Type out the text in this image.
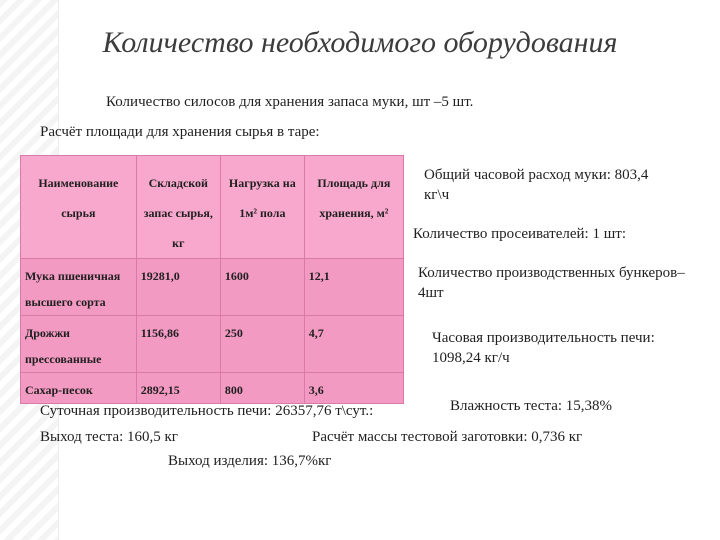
Количество необходимого оборудования
Количество силосов для хранения запаса муки, шт –5 шт.
Расчёт площади для хранения сырья в таре:
Наименование сырья	Складской запас сырья, кг	Нагрузка на 1м² пола	Площадь для хранения, м²

Мука пшеничная высшего сорта	19281,0	1600	12,1
Дрожжи прессованные	1156,86	250	4,7
Сахар-песок	2892,15	800	3,6
Общий часовой расход муки: 803,4 кг\ч
Количество просеивателей: 1 шт:
Количество производственных бункеров–4шт
Часовая производительность печи: 1098,24 кг/ч
Суточная производительность печи: 26357,76 т\сут.:	Влажность теста: 15,38%
Выход теста: 160,5 кг	Расчёт массы тестовой заготовки: 0,736 кг
Выход изделия: 136,7%кг
